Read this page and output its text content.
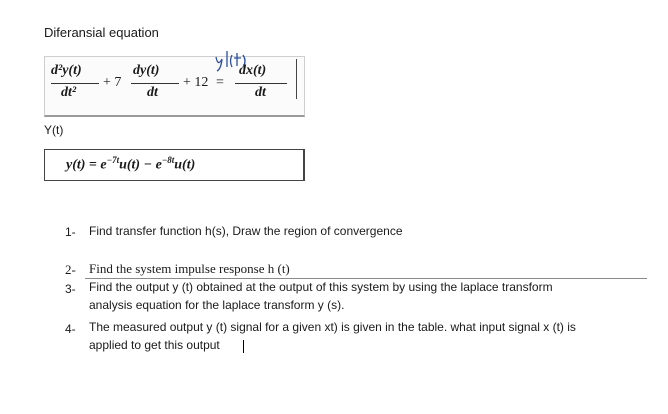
Diferansial equation
d²y(t)
dt²
+ 7
dy(t)
dt
+ 12 =
dx(t)
dt
Y(t)
$y(t) = e^{-7t}u(t) - e^{-8t}u(t)$
1- Find transfer function h(s), Draw the region of convergence
2- Find the system impulse response h (t)
3- Find the output y (t) obtained at the output of this system by using the laplace transform
analysis equation for the laplace transform y (s).
4- The measured output y (t) signal for a given xt) is given in the table. what input signal x (t) is
applied to get this output
